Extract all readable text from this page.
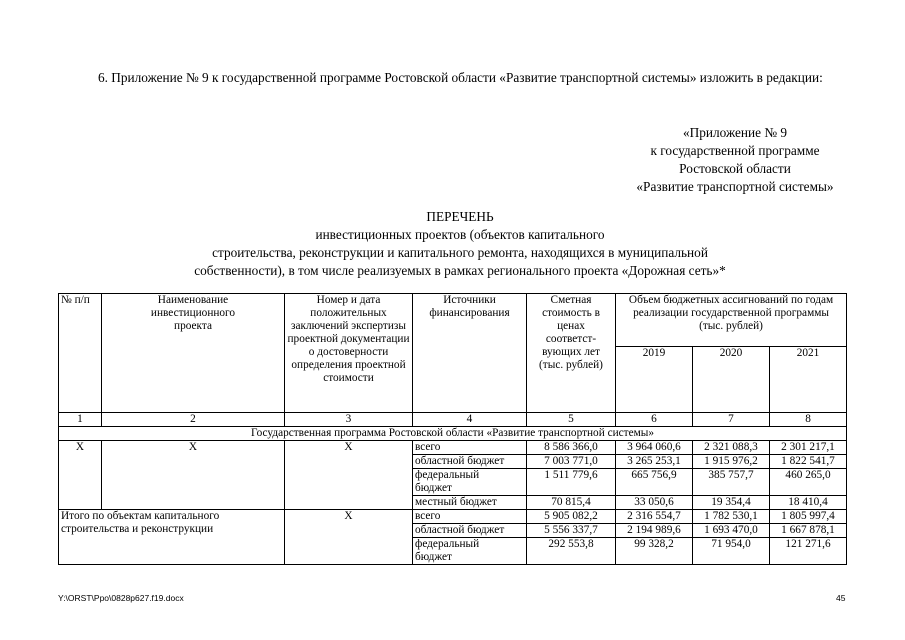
6. Приложение № 9 к государственной программе Ростовской области «Развитие транспортной системы» изложить в редакции:
«Приложение № 9
к государственной программе
Ростовской области
«Развитие транспортной системы»
ПЕРЕЧЕНЬ
инвестиционных проектов (объектов капитального
строительства, реконструкции и капитального ремонта, находящихся в муниципальной
собственности), в том числе реализуемых в рамках регионального проекта «Дорожная сеть»*
№ п/п	Наименование инвестиционного проекта	Номер и дата положительных заключений экспертизы проектной документации о достоверности определения проектной стоимости	Источники финансирования	Сметная стоимость в ценах соответст-вующих лет (тыс. рублей)	Объем бюджетных ассигнований по годам реализации государственной программы (тыс. рублей)		
					2019	2020	2021
1	2	3	4	5	6	7	8
Государственная программа Ростовской области «Развитие транспортной системы»							
Х	Х	Х	всего	8 586 366,0	3 964 060,6	2 321 088,3	2 301 217,1
			областной бюджет	7 003 771,0	3 265 253,1	1 915 976,2	1 822 541,7
			федеральный бюджет	1 511 779,6	665 756,9	385 757,7	460 265,0
			местный бюджет	70 815,4	33 050,6	19 354,4	18 410,4
Итого по объектам капитального строительства и реконструкции		Х	всего	5 905 082,2	2 316 554,7	1 782 530,1	1 805 997,4
			областной бюджет	5 556 337,7	2 194 989,6	1 693 470,0	1 667 878,1
			федеральный бюджет	292 553,8	99 328,2	71 954,0	121 271,6
Y:\ORST\Ppo\0828p627.f19.docx	45
